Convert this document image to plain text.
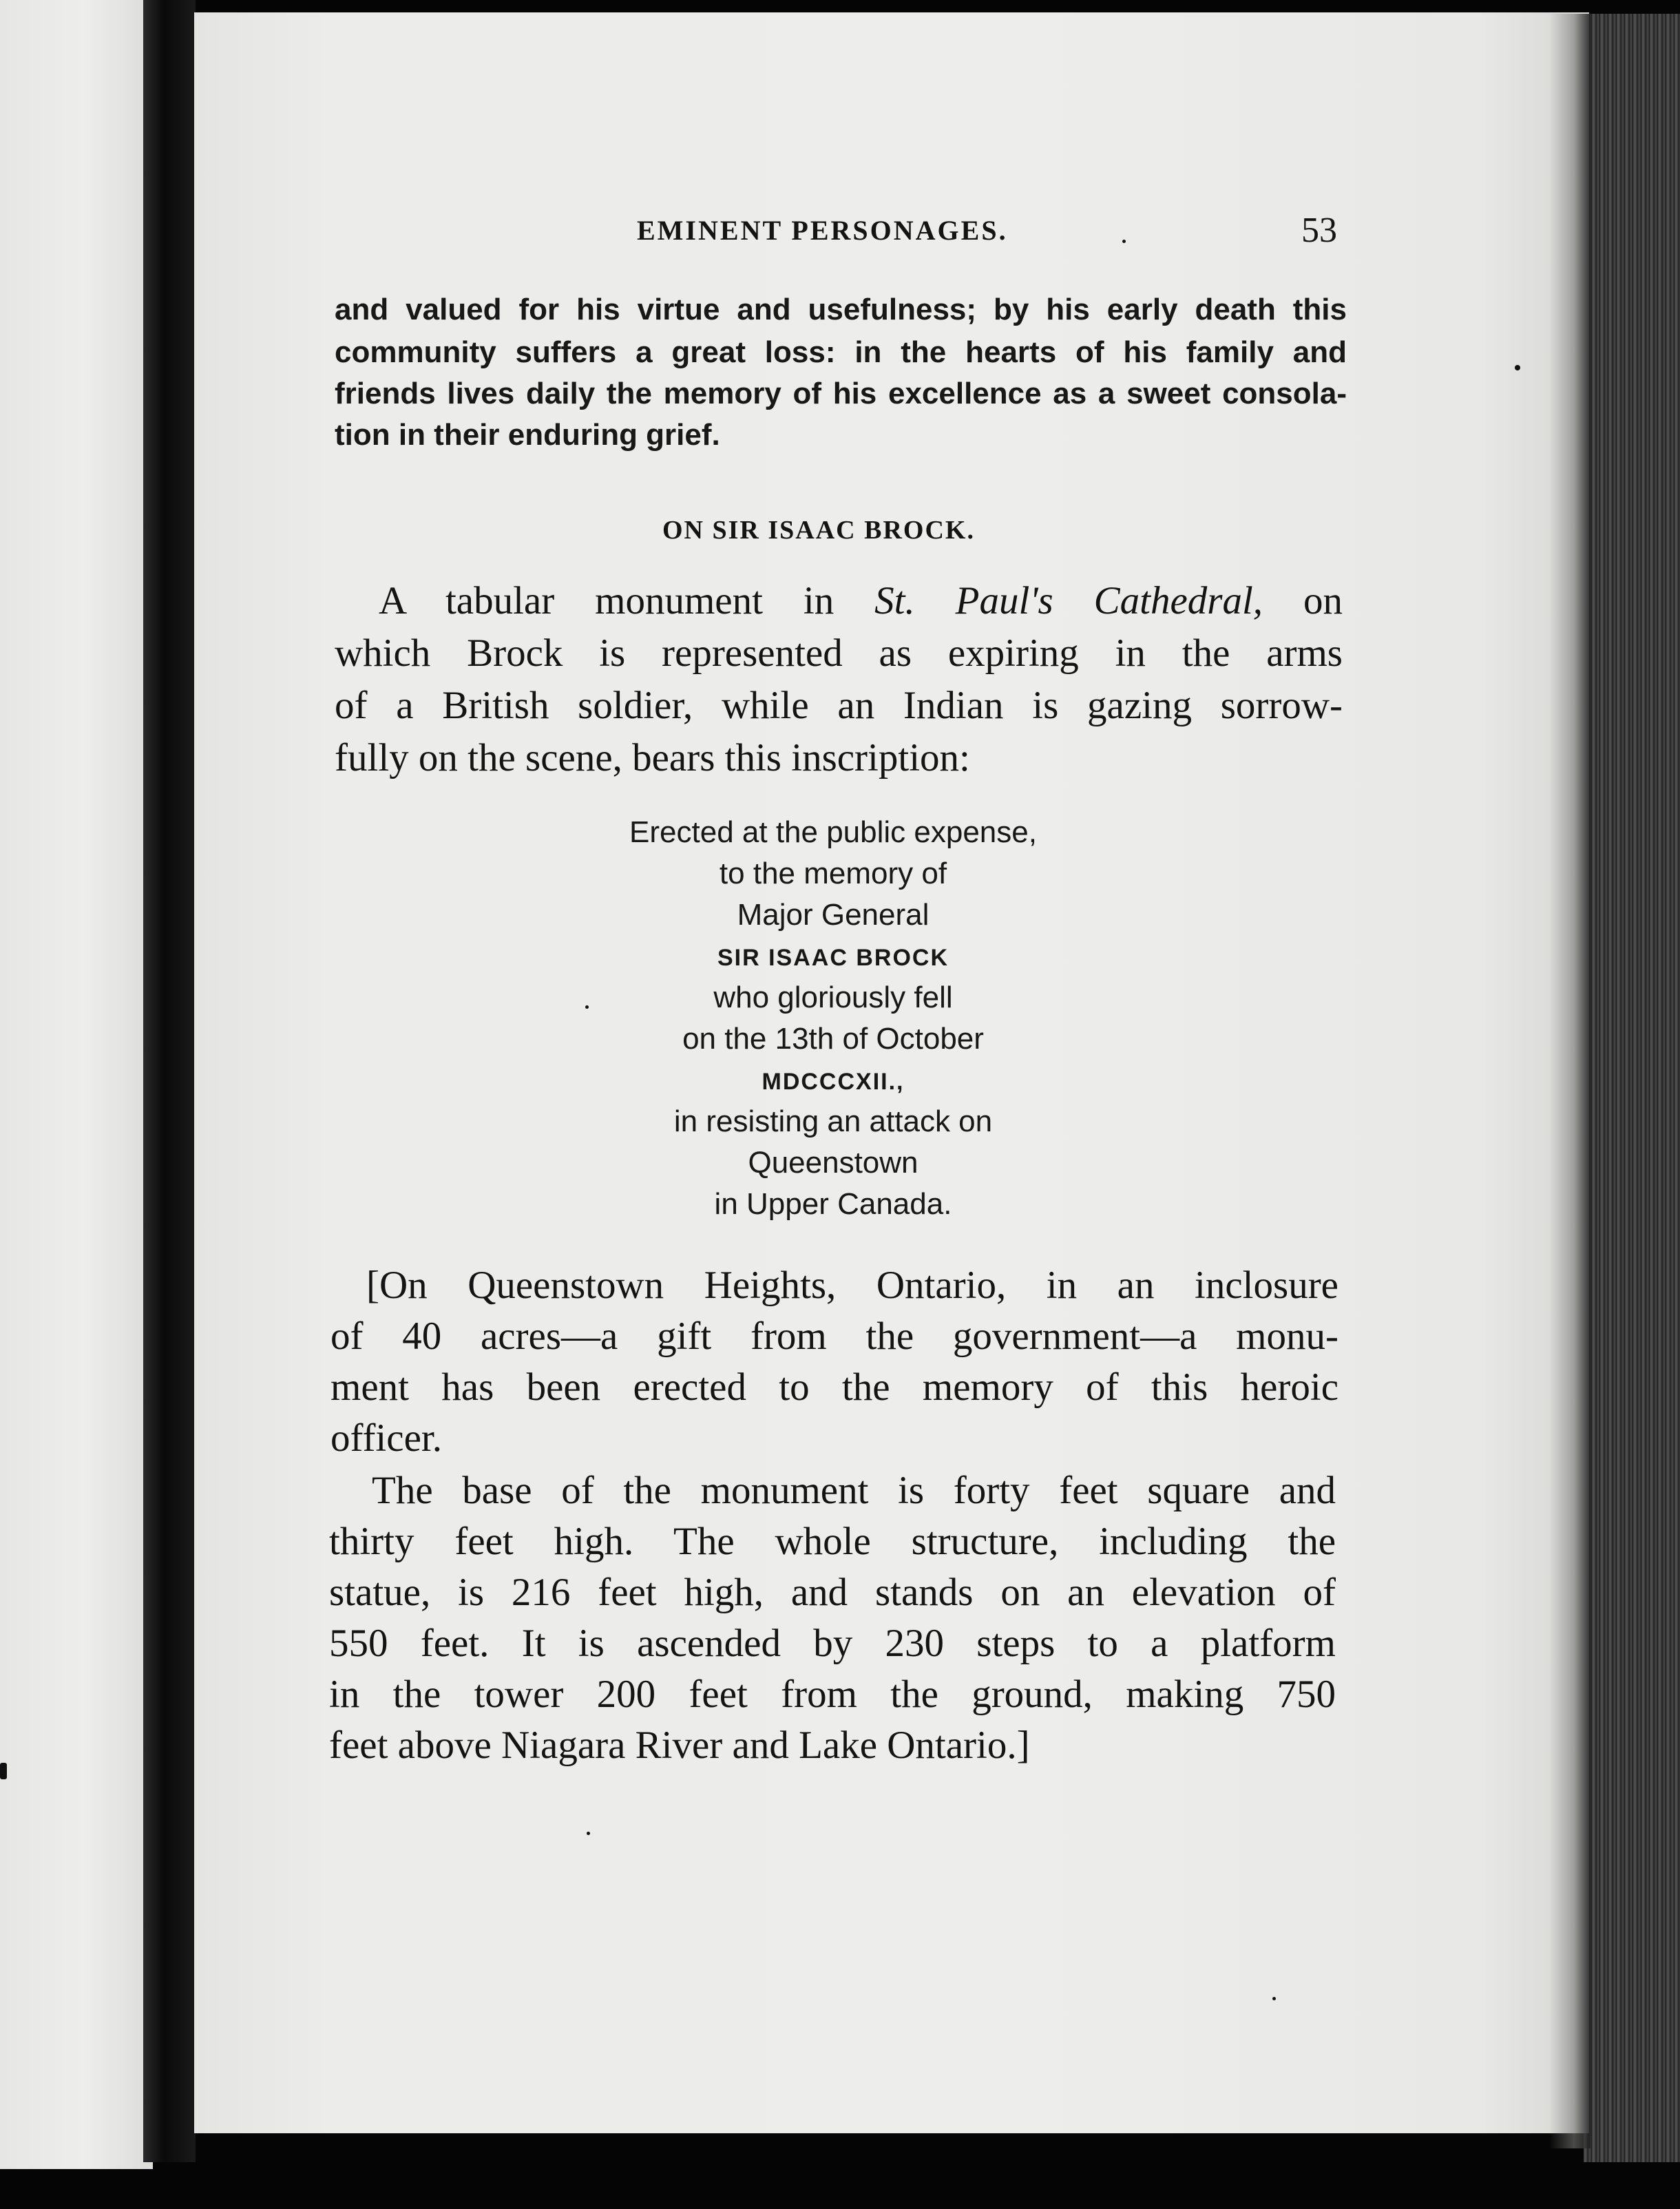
EMINENT PERSONAGES.	53

and valued for his virtue and usefulness; by his early death this

community suffers a great loss: in the hearts of his family and

friends lives daily the memory of his excellence as a sweet consola-

tion in their enduring grief.

ON SIR ISAAC BROCK.

A tabular monument in St. Paul's Cathedral, on

which Brock is represented as expiring in the arms

of a British soldier, while an Indian is gazing sorrow-

fully on the scene, bears this inscription:

Erected at the public expense,

to the memory of

Major General

SIR ISAAC BROCK

who gloriously fell

on the 13th of October

MDCCCXII.,

in resisting an attack on

Queenstown

in Upper Canada.

[On Queenstown Heights, Ontario, in an inclosure

of 40 acres—a gift from the government—a monu-

ment has been erected to the memory of this heroic

officer.

The base of the monument is forty feet square and

thirty feet high. The whole structure, including the

statue, is 216 feet high, and stands on an elevation of

550 feet. It is ascended by 230 steps to a platform

in the tower 200 feet from the ground, making 750

feet above Niagara River and Lake Ontario.]
